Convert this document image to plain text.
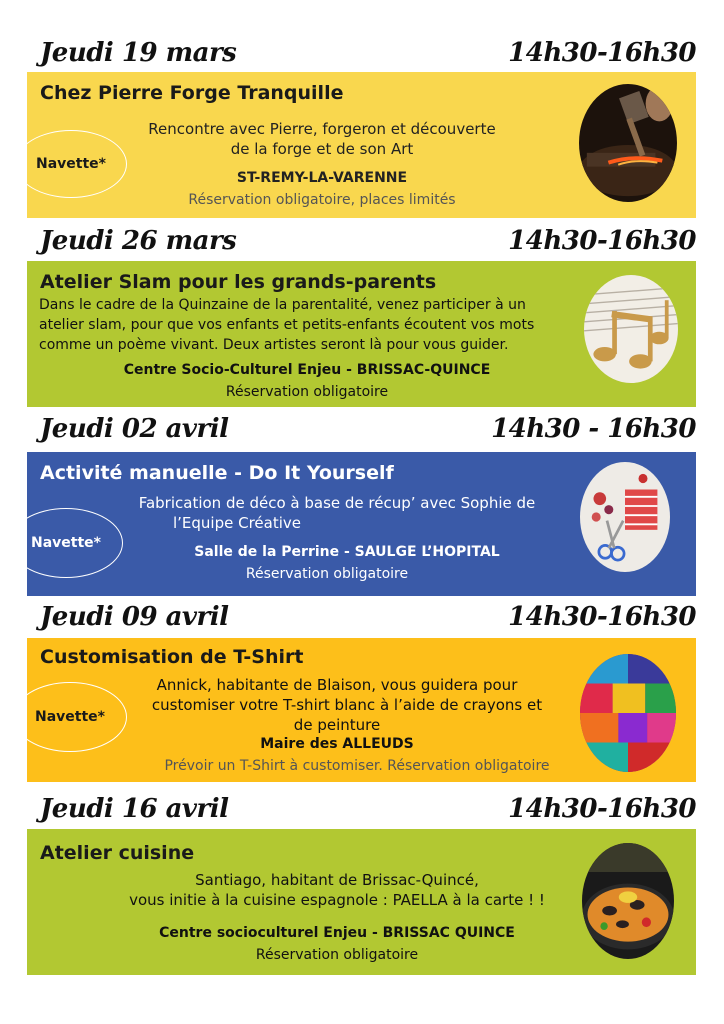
Jeudi 19 mars	14h30-16h30
Chez Pierre Forge Tranquille
Rencontre avec Pierre, forgeron et découverte
de la forge et de son Art
ST-REMY-LA-VARENNE
Réservation obligatoire, places limités
Navette*
Jeudi 26 mars	14h30-16h30
Atelier Slam pour les grands-parents
Dans le cadre de la Quinzaine de la parentalité, venez participer à un
atelier slam, pour que vos enfants et petits-enfants écoutent vos mots
comme un poème vivant. Deux artistes seront là pour vous guider.
Centre Socio-Culturel Enjeu - BRISSAC-QUINCE
Réservation obligatoire
Jeudi 02 avril	14h30 - 16h30
Activité manuelle - Do It Yourself
Fabrication de déco à base de récup’ avec Sophie de
l’Equipe Créative
Salle de la Perrine - SAULGE L’HOPITAL
Réservation obligatoire
Navette*
Jeudi 09 avril	14h30-16h30
Customisation de T-Shirt
Annick, habitante de Blaison, vous guidera pour
customiser votre T-shirt blanc à l’aide de crayons et
de peinture
Maire des ALLEUDS
Prévoir un T-Shirt à customiser. Réservation obligatoire
Navette*
Jeudi 16 avril	14h30-16h30
Atelier cuisine
Santiago, habitant de Brissac-Quincé,
vous initie à la cuisine espagnole : PAELLA à la carte ! !
Centre socioculturel Enjeu - BRISSAC QUINCE
Réservation obligatoire
